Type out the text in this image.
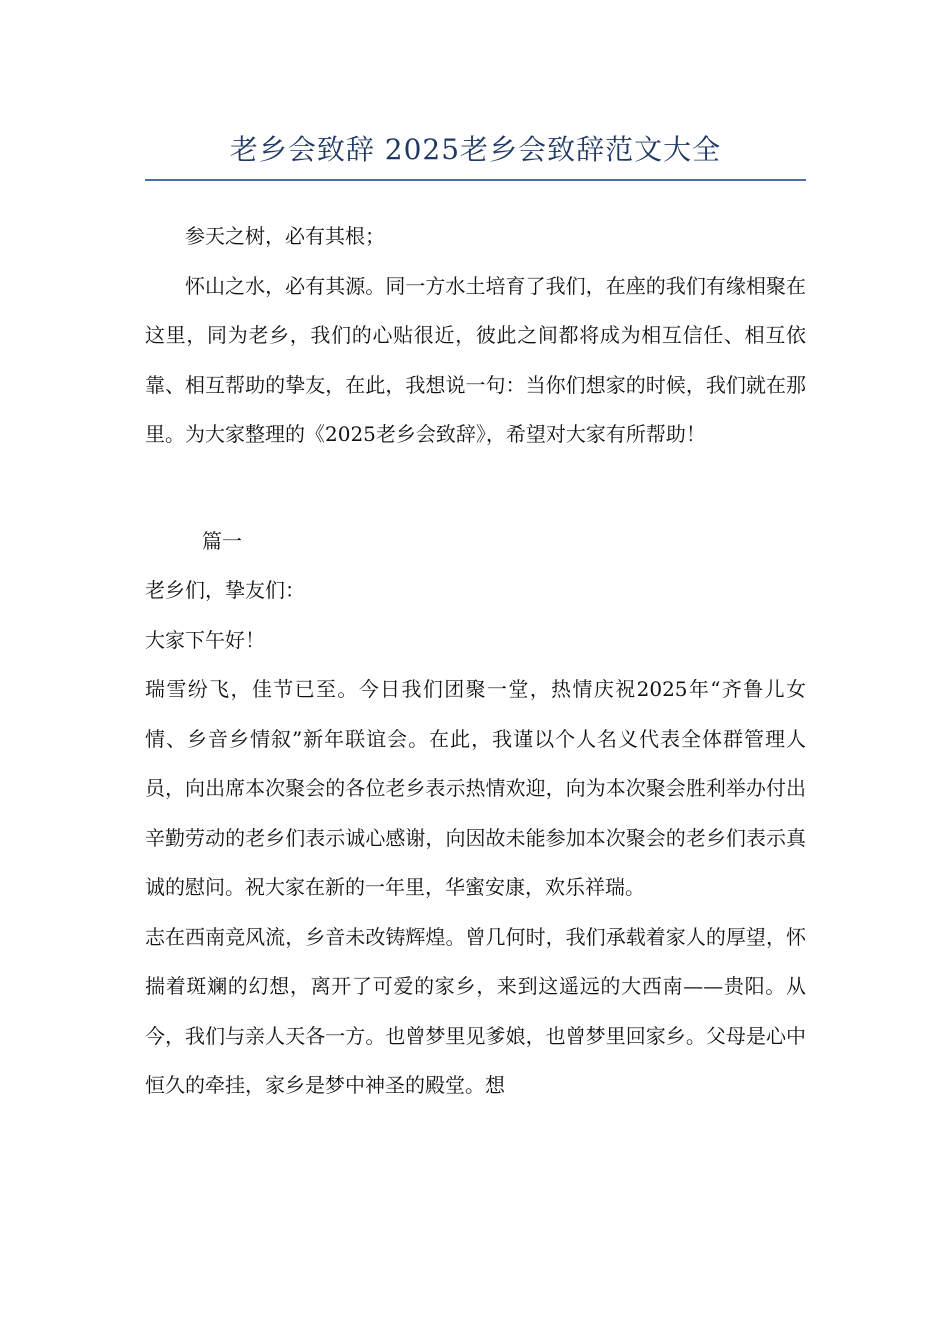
老乡会致辞 2025老乡会致辞范文大全

参天之树，必有其根；

怀山之水，必有其源。同一方水土培育了我们，在座的我们有缘相聚在这里，同为老乡，我们的心贴很近，彼此之间都将成为相互信任、相互依靠、相互帮助的挚友，在此，我想说一句：当你们想家的时候，我们就在那里。为大家整理的《2025老乡会致辞》，希望对大家有所帮助！

篇一

老乡们，挚友们：

大家下午好！

瑞雪纷飞，佳节已至。今日我们团聚一堂，热情庆祝2025年“齐鲁儿女情、乡音乡情叙”新年联谊会。在此，我谨以个人名义代表全体群管理人员，向出席本次聚会的各位老乡表示热情欢迎，向为本次聚会胜利举办付出辛勤劳动的老乡们表示诚心感谢，向因故未能参加本次聚会的老乡们表示真诚的慰问。祝大家在新的一年里，华蜜安康，欢乐祥瑞。

志在西南竞风流，乡音未改铸辉煌。曾几何时，我们承载着家人的厚望，怀揣着斑斓的幻想，离开了可爱的家乡，来到这遥远的大西南——贵阳。从今，我们与亲人天各一方。也曾梦里见爹娘，也曾梦里回家乡。父母是心中恒久的牵挂，家乡是梦中神圣的殿堂。想
